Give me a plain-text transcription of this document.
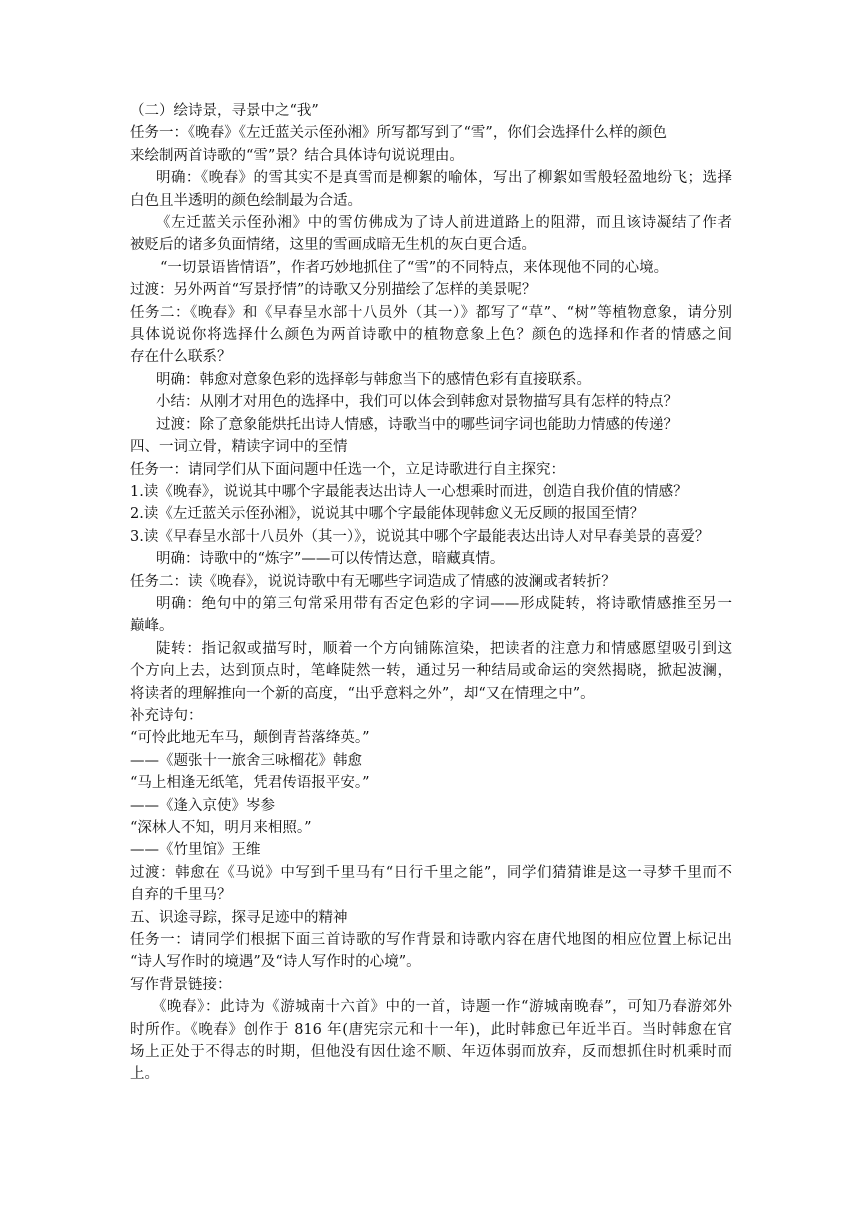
（二）绘诗景，寻景中之“我”

任务一：《晚春》《左迁蓝关示侄孙湘》所写都写到了“雪”，你们会选择什么样的颜色

来绘制两首诗歌的“雪”景？结合具体诗句说说理由。

明确：《晚春》的雪其实不是真雪而是柳絮的喻体，写出了柳絮如雪般轻盈地纷飞；选择

白色且半透明的颜色绘制最为合适。

《左迁蓝关示侄孙湘》中的雪仿佛成为了诗人前进道路上的阻滞，而且该诗凝结了作者

被贬后的诸多负面情绪，这里的雪画成暗无生机的灰白更合适。

“一切景语皆情语”，作者巧妙地抓住了“雪”的不同特点，来体现他不同的心境。

过渡：另外两首“写景抒情”的诗歌又分别描绘了怎样的美景呢？

任务二：《晚春》和《早春呈水部十八员外（其一）》都写了“草”、“树”等植物意象，请分别

具体说说你将选择什么颜色为两首诗歌中的植物意象上色？颜色的选择和作者的情感之间

存在什么联系？

明确：韩愈对意象色彩的选择彰与韩愈当下的感情色彩有直接联系。

小结：从刚才对用色的选择中，我们可以体会到韩愈对景物描写具有怎样的特点？

过渡：除了意象能烘托出诗人情感，诗歌当中的哪些词字词也能助力情感的传递？

四、一词立骨，精读字词中的至情

任务一：请同学们从下面问题中任选一个，立足诗歌进行自主探究：

1.读《晚春》，说说其中哪个字最能表达出诗人一心想乘时而进，创造自我价值的情感？

2.读《左迁蓝关示侄孙湘》，说说其中哪个字最能体现韩愈义无反顾的报国至情？

3.读《早春呈水部十八员外（其一）》，说说其中哪个字最能表达出诗人对早春美景的喜爱？

明确：诗歌中的“炼字”——可以传情达意，暗藏真情。

任务二：读《晚春》，说说诗歌中有无哪些字词造成了情感的波澜或者转折？

明确：绝句中的第三句常采用带有否定色彩的字词——形成陡转，将诗歌情感推至另一

巅峰。

陡转：指记叙或描写时，顺着一个方向铺陈渲染，把读者的注意力和情感愿望吸引到这

个方向上去，达到顶点时，笔峰陡然一转，通过另一种结局或命运的突然揭晓，掀起波澜，

将读者的理解推向一个新的高度，“出乎意料之外”，却“又在情理之中”。

补充诗句：

“可怜此地无车马，颠倒青苔落绛英。”

——《题张十一旅舍三咏榴花》韩愈

“马上相逢无纸笔，凭君传语报平安。”

——《逢入京使》岑参

“深林人不知，明月来相照。”

——《竹里馆》王维

过渡：韩愈在《马说》中写到千里马有“日行千里之能”，同学们猜猜谁是这一寻梦千里而不

自弃的千里马？

五、识途寻踪，探寻足迹中的精神

任务一：请同学们根据下面三首诗歌的写作背景和诗歌内容在唐代地图的相应位置上标记出

“诗人写作时的境遇”及“诗人写作时的心境”。

写作背景链接：

《晚春》：此诗为《游城南十六首》中的一首，诗题一作“游城南晚春”，可知乃春游郊外

时所作。《晚春》创作于 816 年(唐宪宗元和十一年)，此时韩愈已年近半百。当时韩愈在官

场上正处于不得志的时期，但他没有因仕途不顺、年迈体弱而放弃，反而想抓住时机乘时而

上。
